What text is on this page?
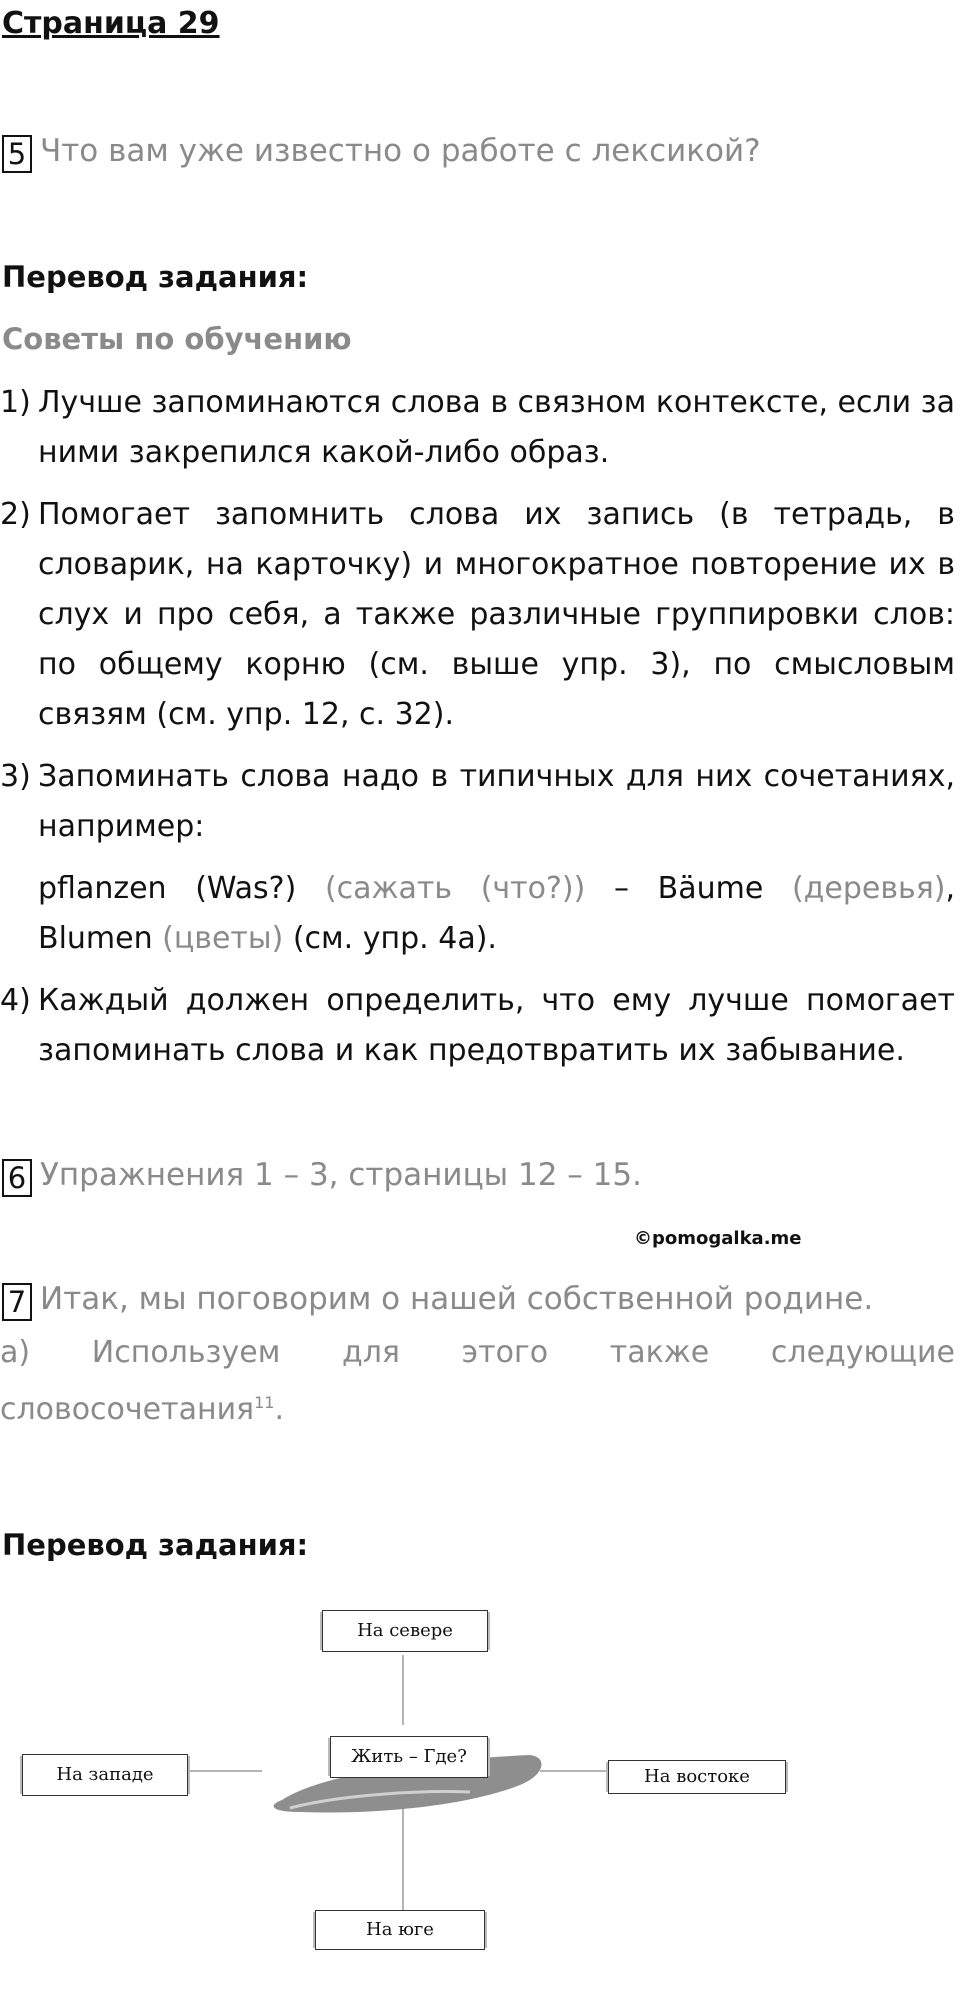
Страница 29
5 Что вам уже известно о работе с лексикой?
Перевод задания:
Советы по обучению
1) Лучше запоминаются слова в связном контексте, если за ними закрепился какой-либо образ.
2) Помогает запомнить слова их запись (в тетрадь, в словарик, на карточку) и многократное повторение их в слух и про себя, а также различные группировки слов: по общему корню (см. выше упр. 3), по смысловым связям (см. упр. 12, с. 32).
3) Запоминать слова надо в типичных для них сочетаниях, например:
pflanzen (Was?) (сажать (что?)) – Bäume (деревья), Blumen (цветы) (см. упр. 4a).
4) Каждый должен определить, что ему лучше помогает запоминать слова и как предотвратить их забывание.
6 Упражнения 1 – 3, страницы 12 – 15.
©pomogalka.me
7 Итак, мы поговорим о нашей собственной родине.
a) Используем для этого также следующие словосочетания$^{11}$.
Перевод задания:
На севере
Жить – Где?
На западе	На востоке
На юге
